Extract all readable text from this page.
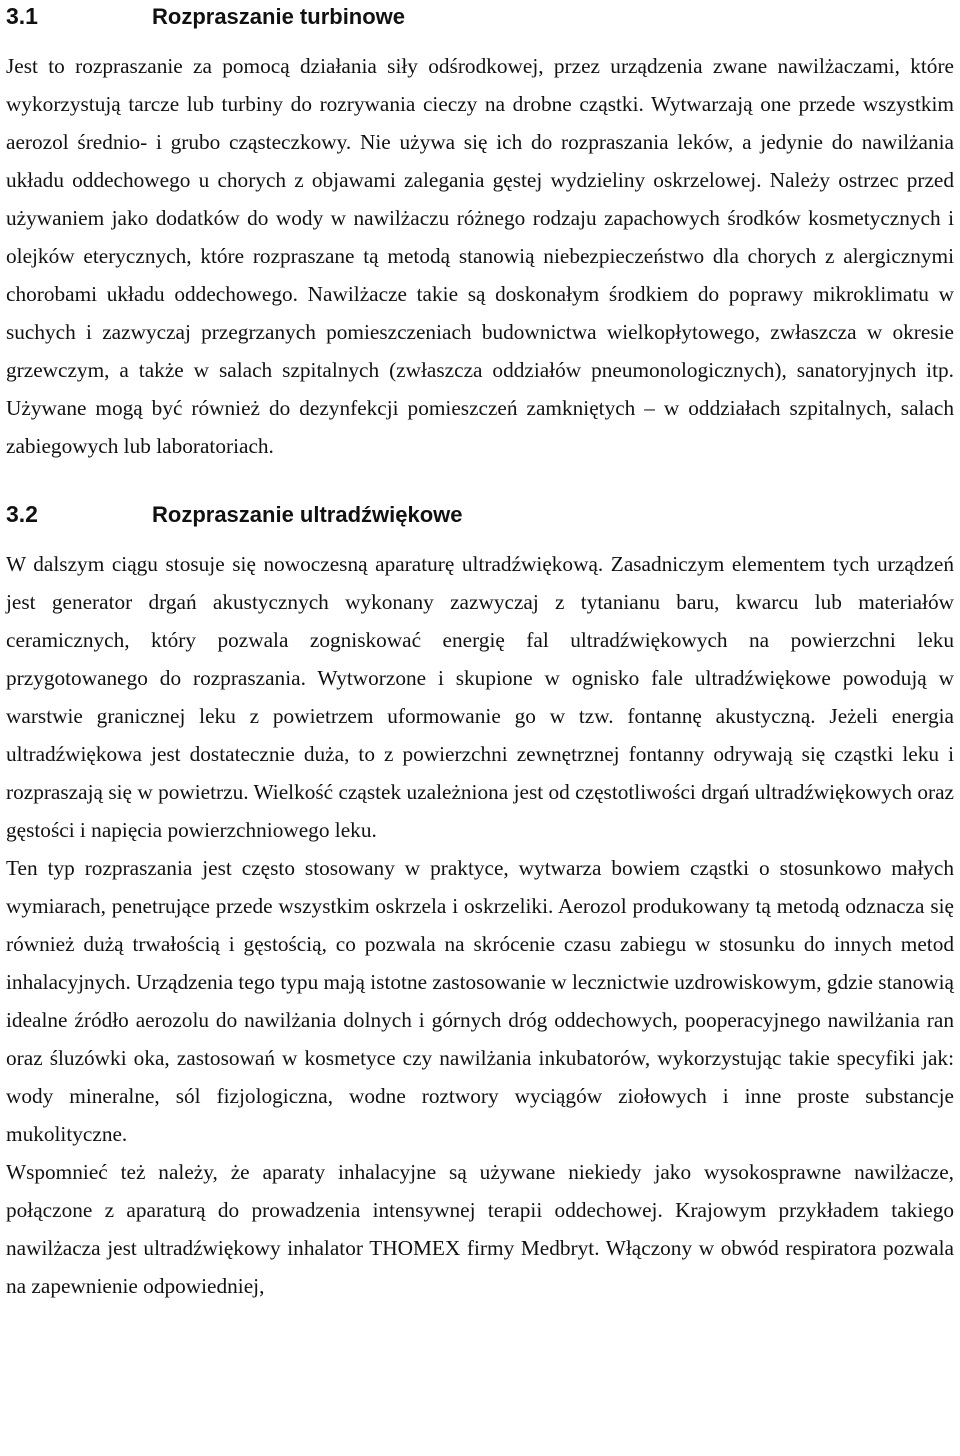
3.1	Rozpraszanie turbinowe

Jest to rozpraszanie za pomocą działania siły odśrodkowej, przez urządzenia zwane nawilżaczami, które wykorzystują tarcze lub turbiny do rozrywania cieczy na drobne cząstki. Wytwarzają one przede wszystkim aerozol średnio- i grubo cząsteczkowy. Nie używa się ich do rozpraszania leków, a jedynie do nawilżania układu oddechowego u chorych z objawami zalegania gęstej wydzieliny oskrzelowej. Należy ostrzec przed używaniem jako dodatków do wody w nawilżaczu różnego rodzaju zapachowych środków kosmetycznych i olejków eterycznych, które rozpraszane tą metodą stanowią niebezpieczeństwo dla chorych z alergicznymi chorobami układu oddechowego. Nawilżacze takie są doskonałym środkiem do poprawy mikroklimatu w suchych i zazwyczaj przegrzanych pomieszczeniach budownictwa wielkopłytowego, zwłaszcza w okresie grzewczym, a także w salach szpitalnych (zwłaszcza oddziałów pneumonologicznych), sanatoryjnych itp. Używane mogą być również do dezynfekcji pomieszczeń zamkniętych – w oddziałach szpitalnych, salach zabiegowych lub laboratoriach.

3.2	Rozpraszanie ultradźwiękowe

W dalszym ciągu stosuje się nowoczesną aparaturę ultradźwiękową. Zasadniczym elementem tych urządzeń jest generator drgań akustycznych wykonany zazwyczaj z tytanianu baru, kwarcu lub materiałów ceramicznych, który pozwala zogniskować energię fal ultradźwiękowych na powierzchni leku przygotowanego do rozpraszania. Wytworzone i skupione w ognisko fale ultradźwiękowe powodują w warstwie granicznej leku z powietrzem uformowanie go w tzw. fontannę akustyczną. Jeżeli energia ultradźwiękowa jest dostatecznie duża, to z powierzchni zewnętrznej fontanny odrywają się cząstki leku i rozpraszają się w powietrzu. Wielkość cząstek uzależniona jest od częstotliwości drgań ultradźwiękowych oraz gęstości i napięcia powierzchniowego leku.

Ten typ rozpraszania jest często stosowany w praktyce, wytwarza bowiem cząstki o stosunkowo małych wymiarach, penetrujące przede wszystkim oskrzela i oskrzeliki. Aerozol produkowany tą metodą odznacza się również dużą trwałością i gęstością, co pozwala na skrócenie czasu zabiegu w stosunku do innych metod inhalacyjnych. Urządzenia tego typu mają istotne zastosowanie w lecznictwie uzdrowiskowym, gdzie stanowią idealne źródło aerozolu do nawilżania dolnych i górnych dróg oddechowych, pooperacyjnego nawilżania ran oraz śluzówki oka, zastosowań w kosmetyce czy nawilżania inkubatorów, wykorzystując takie specyfiki jak: wody mineralne, sól fizjologiczna, wodne roztwory wyciągów ziołowych i inne proste substancje mukolityczne.

Wspomnieć też należy, że aparaty inhalacyjne są używane niekiedy jako wysokosprawne nawilżacze, połączone z aparaturą do prowadzenia intensywnej terapii oddechowej. Krajowym przykładem takiego nawilżacza jest ultradźwiękowy inhalator THOMEX firmy Medbryt. Włączony w obwód respiratora pozwala na zapewnienie odpowiedniej,
